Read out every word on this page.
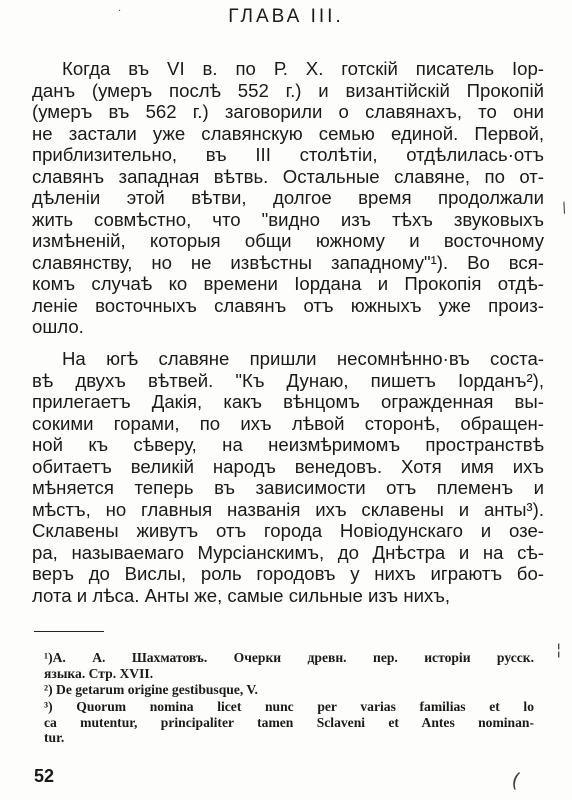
·	ГЛАВА III.
Когда въ VI в. по Р. Х. готскій писатель Іор-
данъ (умеръ послѣ 552 г.) и византійскій Прокопій
(умеръ въ 562 г.) заговорили о славянахъ, то они
не застали уже славянскую семью единой. Первой,
приблизительно, въ III столѣтіи, отдѣлилась·отъ
славянъ западная вѣтвь. Остальные славяне, по от-
дѣленіи этой вѣтви, долгое время продолжали
жить совмѣстно, что "видно изъ тѣхъ звуковыхъ
измѣненій, которыя общи южному и восточному
славянству, но не извѣстны западному"¹). Во вся-
комъ случаѣ ко времени Іордана и Прокопія отдѣ-
леніе восточныхъ славянъ отъ южныхъ уже произ-
ошло.
На югѣ славяне пришли несомнѣнно·въ соста-
вѣ двухъ вѣтвей. "Къ Дунаю, пишетъ Іорданъ²),
прилегаетъ Дакія, какъ вѣнцомъ огражденная вы-
сокими горами, по ихъ лѣвой сторонѣ, обращен-
ной къ сѣверу, на неизмѣримомъ пространствѣ
обитаетъ великій народъ венедовъ. Хотя имя ихъ
мѣняется теперь въ зависимости отъ племенъ и
мѣстъ, но главныя названія ихъ склавены и анты³).
Склавены живутъ отъ города Новіодунскаго и озе-
ра, называемаго Мурсіанскимъ, до Днѣстра и на сѣ-
веръ до Вислы, роль городовъ у нихъ играютъ бо-
лота и лѣса. Анты же, самые сильные изъ нихъ,
/
¦
¹)А. А. Шахматовъ. Очерки древн. пер. исторіи русск.
языка. Стр. XVII.
²) De getarum origine gestibusque, V.
³) Quorum nomina licet nunc per varias familias et lo
ca mutentur, principaliter tamen Sclaveni et Antes nominan-
tur.
52	(
